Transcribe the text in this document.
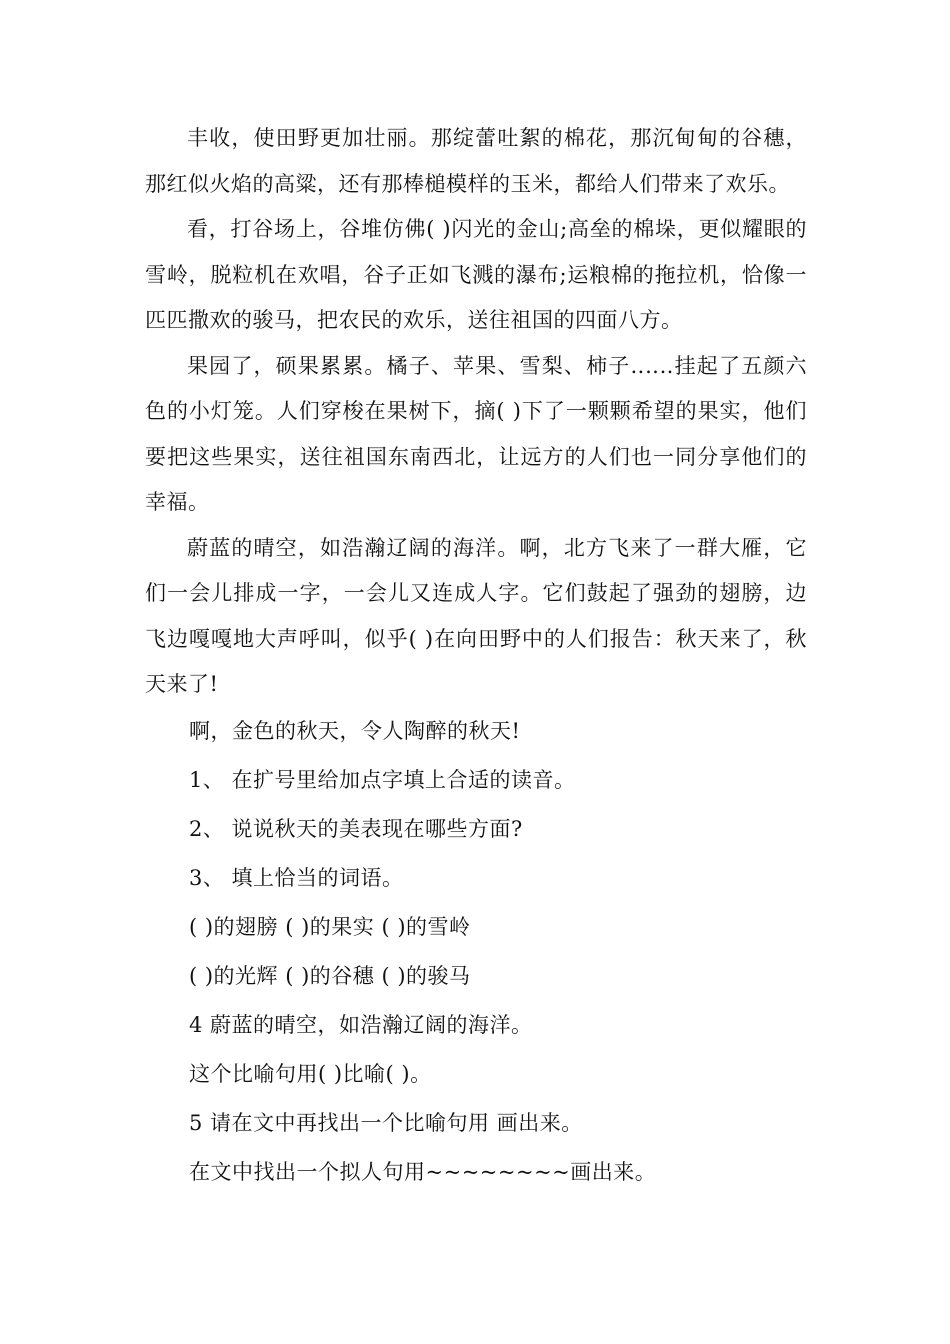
丰收，使田野更加壮丽。那绽蕾吐絮的棉花，那沉甸甸的谷穗，那红似火焰的高粱，还有那棒槌模样的玉米，都给人们带来了欢乐。

看，打谷场上，谷堆仿佛( )闪光的金山;高垒的棉垛，更似耀眼的雪岭，脱粒机在欢唱，谷子正如飞溅的瀑布;运粮棉的拖拉机，恰像一匹匹撒欢的骏马，把农民的欢乐，送往祖国的四面八方。

果园了，硕果累累。橘子、苹果、雪梨、柿子‥‥‥挂起了五颜六色的小灯笼。人们穿梭在果树下，摘( )下了一颗颗希望的果实，他们要把这些果实，送往祖国东南西北，让远方的人们也一同分享他们的幸福。

蔚蓝的晴空，如浩瀚辽阔的海洋。啊，北方飞来了一群大雁，它们一会儿排成一字，一会儿又连成人字。它们鼓起了强劲的翅膀，边飞边嘎嘎地大声呼叫，似乎( )在向田野中的人们报告：秋天来了，秋天来了!

啊，金色的秋天，令人陶醉的秋天!

1、 在扩号里给加点字填上合适的读音。

2、 说说秋天的美表现在哪些方面?

3、 填上恰当的词语。

( )的翅膀 ( )的果实 ( )的雪岭

( )的光辉 ( )的谷穗 ( )的骏马

4 蔚蓝的晴空，如浩瀚辽阔的海洋。

这个比喻句用( )比喻( )。

5 请在文中再找出一个比喻句用 画出来。

在文中找出一个拟人句用~~~~~~~~画出来。
